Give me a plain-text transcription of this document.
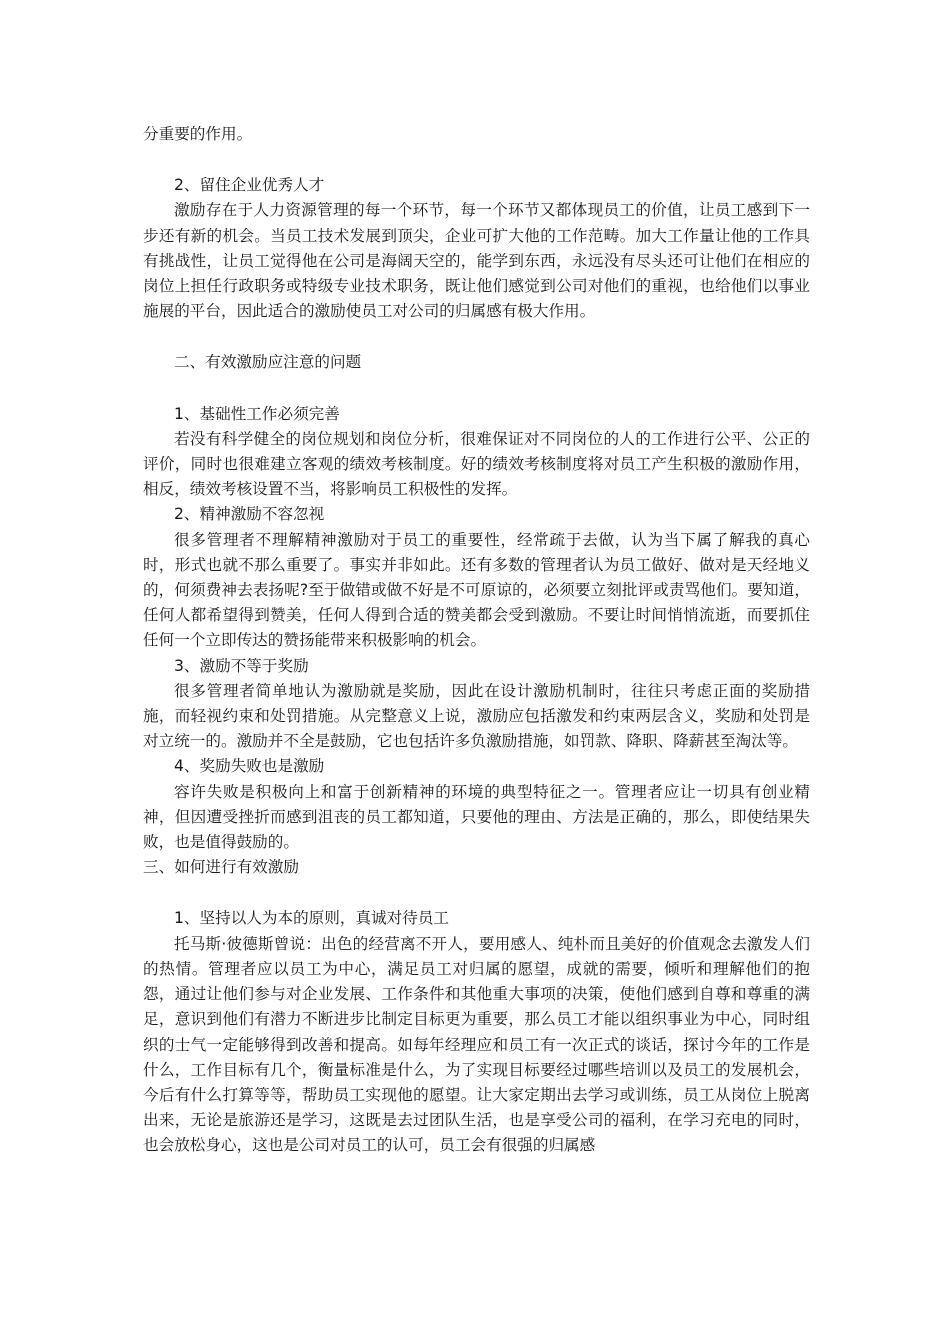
分重要的作用。

2、留住企业优秀人才

激励存在于人力资源管理的每一个环节，每一个环节又都体现员工的价值，让员工感到下一步还有新的机会。当员工技术发展到顶尖，企业可扩大他的工作范畴。加大工作量让他的工作具有挑战性，让员工觉得他在公司是海阔天空的，能学到东西，永远没有尽头还可让他们在相应的岗位上担任行政职务或特级专业技术职务，既让他们感觉到公司对他们的重视，也给他们以事业施展的平台，因此适合的激励使员工对公司的归属感有极大作用。

二、有效激励应注意的问题

1、基础性工作必须完善

若没有科学健全的岗位规划和岗位分析，很难保证对不同岗位的人的工作进行公平、公正的评价，同时也很难建立客观的绩效考核制度。好的绩效考核制度将对员工产生积极的激励作用，相反，绩效考核设置不当，将影响员工积极性的发挥。

2、精神激励不容忽视

很多管理者不理解精神激励对于员工的重要性，经常疏于去做，认为当下属了解我的真心时，形式也就不那么重要了。事实并非如此。还有多数的管理者认为员工做好、做对是天经地义的，何须费神去表扬呢?至于做错或做不好是不可原谅的，必须要立刻批评或责骂他们。要知道，任何人都希望得到赞美，任何人得到合适的赞美都会受到激励。不要让时间悄悄流逝，而要抓住任何一个立即传达的赞扬能带来积极影响的机会。

3、激励不等于奖励

很多管理者简单地认为激励就是奖励，因此在设计激励机制时，往往只考虑正面的奖励措施，而轻视约束和处罚措施。从完整意义上说，激励应包括激发和约束两层含义，奖励和处罚是对立统一的。激励并不全是鼓励，它也包括许多负激励措施，如罚款、降职、降薪甚至淘汰等。

4、奖励失败也是激励

容许失败是积极向上和富于创新精神的环境的典型特征之一。管理者应让一切具有创业精神，但因遭受挫折而感到沮丧的员工都知道，只要他的理由、方法是正确的，那么，即使结果失败，也是值得鼓励的。

三、如何进行有效激励

1、坚持以人为本的原则，真诚对待员工

托马斯·彼德斯曾说：出色的经营离不开人，要用感人、纯朴而且美好的价值观念去激发人们的热情。管理者应以员工为中心，满足员工对归属的愿望，成就的需要，倾听和理解他们的抱怨，通过让他们参与对企业发展、工作条件和其他重大事项的决策，使他们感到自尊和尊重的满足，意识到他们有潜力不断进步比制定目标更为重要，那么员工才能以组织事业为中心，同时组织的士气一定能够得到改善和提高。如每年经理应和员工有一次正式的谈话，探讨今年的工作是什么，工作目标有几个，衡量标准是什么，为了实现目标要经过哪些培训以及员工的发展机会，今后有什么打算等等，帮助员工实现他的愿望。让大家定期出去学习或训练，员工从岗位上脱离出来，无论是旅游还是学习，这既是去过团队生活，也是享受公司的福利，在学习充电的同时，也会放松身心，这也是公司对员工的认可，员工会有很强的归属感
